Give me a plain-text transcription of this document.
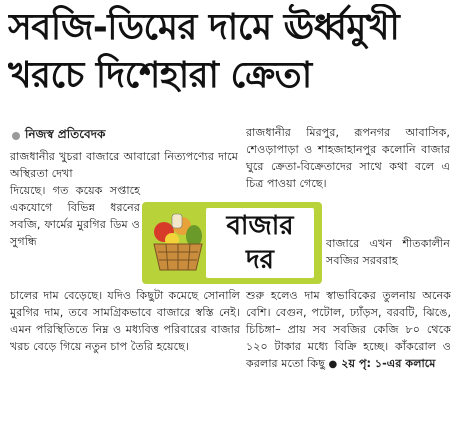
সবজি-ডিমের দামে ঊর্ধ্বমুখী
খরচে দিশেহারা ক্রেতা
নিজস্ব প্রতিবেদক

রাজধানীর খুচরা বাজারে আবারো নিত্যপণ্যের দামে অস্থিরতা দেখা

দিয়েছে। গত কয়েক সপ্তাহে একযোগে বিভিন্ন ধরনের সবজি, ফার্মের মুরগির ডিম ও সুগন্ধি

চালের দাম বেড়েছে। যদিও কিছুটা কমেছে সোনালি মুরগির দাম, তবে সামগ্রিকভাবে বাজারে স্বস্তি নেই। এমন পরিস্থিতিতে নিম্ন ও মধ্যবিত্ত পরিবারের বাজার খরচ বেড়ে গিয়ে নতুন চাপ তৈরি হয়েছে।

রাজধানীর মিরপুর, রূপনগর আবাসিক, শেওড়াপাড়া ও শাহজাহানপুর কলোনি বাজার ঘুরে ক্রেতা-বিক্রেতাদের সাথে কথা বলে এ চিত্র পাওয়া গেছে।

বাজারে এখন শীতকালীন সবজির সরবরাহ

শুরু হলেও দাম স্বাভাবিকের তুলনায় অনেক বেশি। বেগুন, পটোল, ঢ্যাঁড়স, বরবটি, ঝিঙে, চিচিঙ্গা– প্রায় সব সবজির কেজি ৮০ থেকে ১২০ টাকার মধ্যে বিক্রি হচ্ছে। কাঁকরোল ও করলার মতো কিছু ● ২য় পৃ: ১-এর কলামে

বাজার
দর
